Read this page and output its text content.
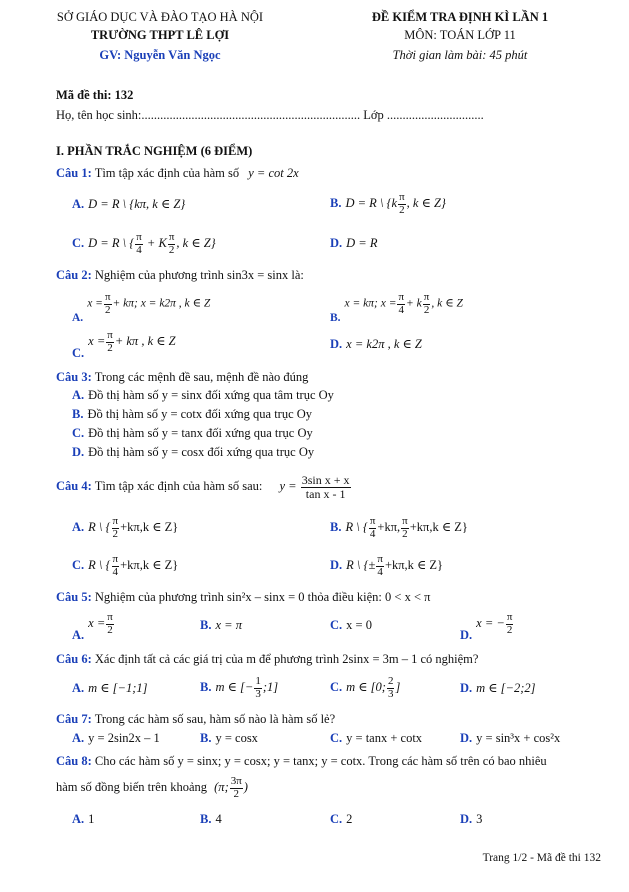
SỞ GIÁO DỤC VÀ ĐÀO TẠO HÀ NỘI
TRƯỜNG THPT LÊ LỢI
GV: Nguyễn Văn Ngọc
ĐỀ KIỂM TRA ĐỊNH KÌ LẦN 1
MÔN: TOÁN LỚP 11
Thời gian làm bài: 45 phút
Mã đề thi: 132
Họ, tên học sinh:...................................................................... Lớp ...............................
I. PHẦN TRẮC NGHIỆM (6 ĐIỂM)
Câu 1: Tìm tập xác định của hàm số y = cot 2x
A. D = R \ {kπ, k ∈ Z}	B. D = R \ {$k \frac{\pi}{2}$ , k ∈ Z}
C. D = R \ { $\frac{\pi}{4} + K \frac{\pi}{2}$ , k ∈ Z}	D. D = R
Câu 2: Nghiệm của phương trình sin3x = sinx là:
$A.x = \frac{\pi}{2} + k\pi$; x = k2π , k ∈ Z
B.x = kπ; $x = \frac{\pi}{4} + k \frac{\pi}{2}$ , k ∈ Z
$C.x = \frac{\pi}{2} + k\pi$ , k ∈ Z	D. x = k2π , k ∈ Z
Câu 3: Trong các mệnh đề sau, mệnh đề nào đúng
A. Đồ thị hàm số y = sinx đối xứng qua tâm trục Oy
B. Đồ thị hàm số y = cotx đối xứng qua trục Oy
C. Đồ thị hàm số y = tanx đối xứng qua trục Oy
D. Đồ thị hàm số y = cosx đối xứng qua trục Oy
Câu 4: Tìm tập xác định của hàm số sau: $y = \frac{\text{3sin x + x}}{\text{tan x - 1}}$
A. R \ { $\frac{\pi}{2} +k\pi,k$ ∈ Z}	B. R \ { $\frac{\pi}{4} +k\pi$, $\frac{\pi}{2} +k\pi,k$ ∈ Z}
C. R \ { $\frac{\pi}{4} +k\pi,k$ ∈ Z}	D. R \ {± $\frac{\pi}{4} +k\pi,k$ ∈ Z}
Câu 5: Nghiệm của phương trình sin²x – sinx = 0 thỏa điều kiện: 0 < x < π
$A.x = \frac{\pi}{2}$	B. x = π	C. x = 0
D.x = − $\frac{\pi}{2}$
Câu 6: Xác định tất cả các giá trị của m để phương trình 2sinx = 3m – 1 có nghiệm?
A. m ∈ [−1;1]	B. m ∈ [− $\frac{1}{3}$ ;1]	C. m ∈ [0; $\frac{2}{3}$ ]	D. m ∈ [−2;2]
Câu 7: Trong các hàm số sau, hàm số nào là hàm số lẻ?
A. y = 2sin2x – 1	B. y = cosx	C. y = tanx + cotx	D. y = sin³x + cos²x
Câu 8: Cho các hàm số y = sinx; y = cosx; y = tanx; y = cotx. Trong các hàm số trên có bao nhiêu
hàm số đồng biến trên khoảng (π; $\frac{3\pi}{2}$ )
A. 1	B. 4	C. 2	D. 3
Trang 1/2 - Mã đề thi 132
